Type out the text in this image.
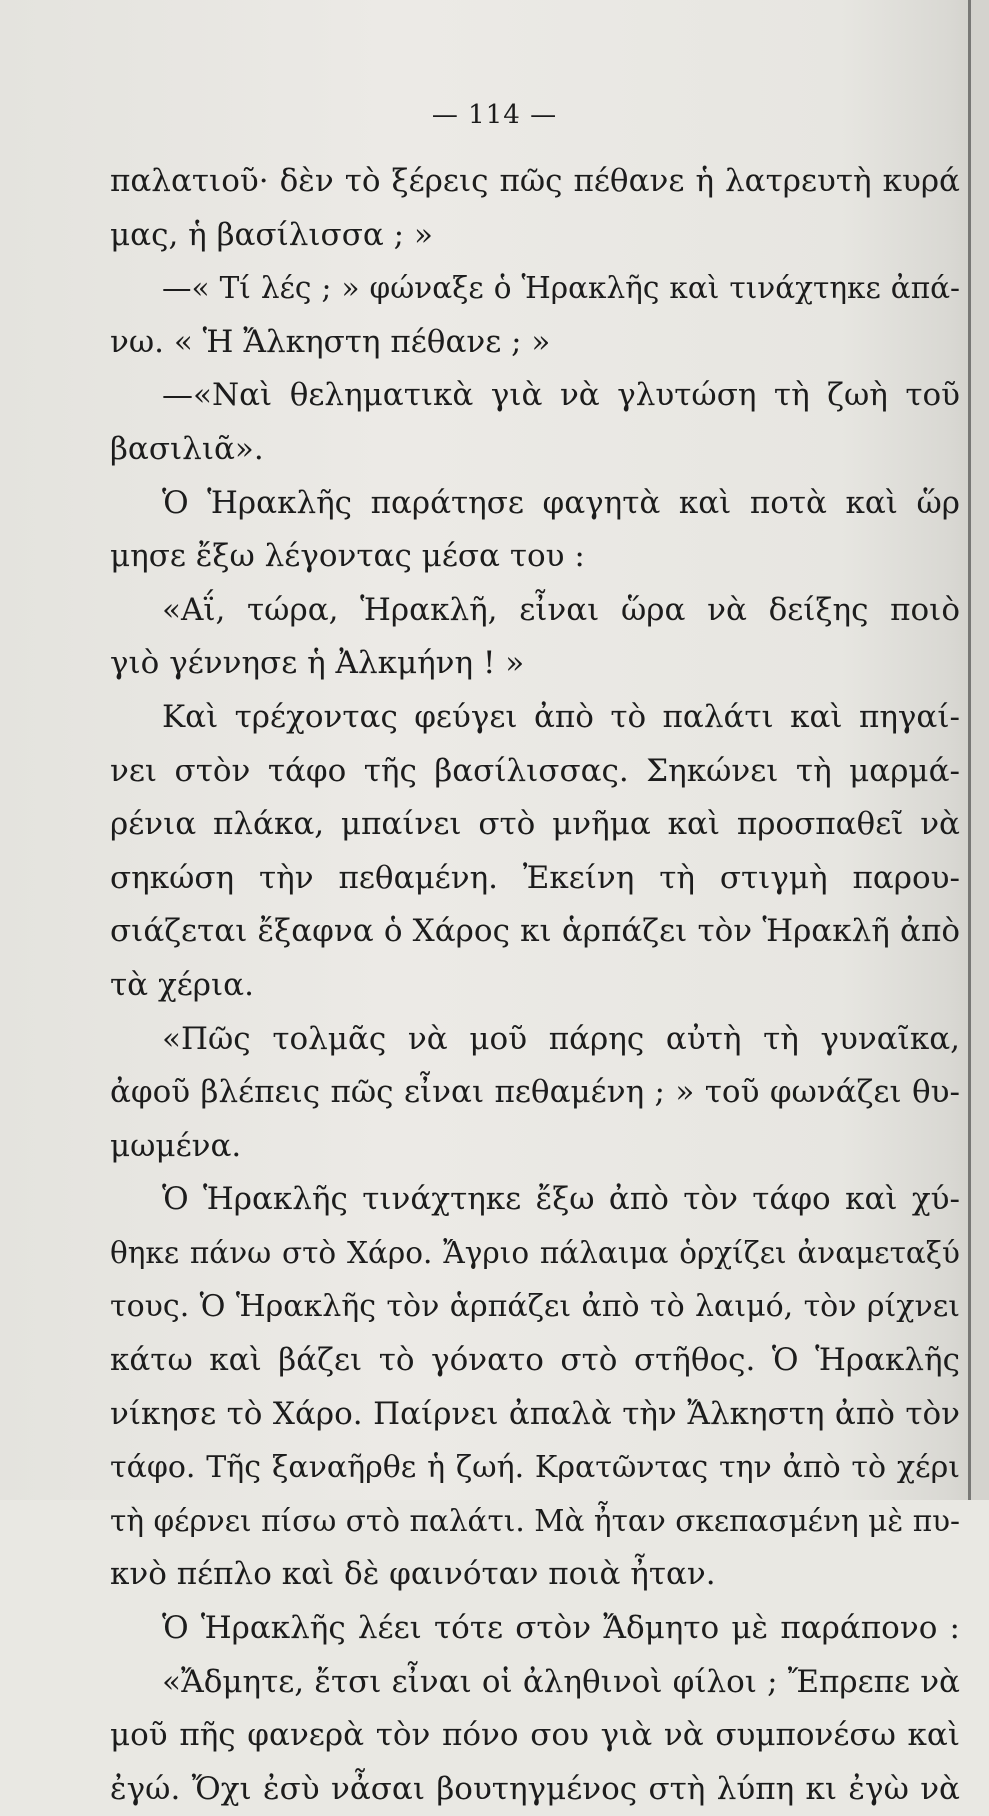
— 114 —
παλατιοῦ· δὲν τὸ ξέρεις πῶς πέθανε ἡ λατρευτὴ κυρά
μας, ἡ βασίλισσα ; »
—« Τί λές ; » φώναξε ὁ Ἡρακλῆς καὶ τινάχτηκε ἀπά-
νω. « Ἡ Ἄλκηστη πέθανε ; »
—«Ναὶ θεληματικὰ γιὰ νὰ γλυτώση τὴ ζωὴ τοῦ
βασιλιᾶ».
Ὁ Ἡρακλῆς παράτησε φαγητὰ καὶ ποτὰ καὶ ὥρ
μησε ἔξω λέγοντας μέσα του :
«Αΐ, τώρα, Ἡρακλῆ, εἶναι ὥρα νὰ δείξης ποιὸ
γιὸ γέννησε ἡ Ἀλκμήνη ! »
Καὶ τρέχοντας φεύγει ἀπὸ τὸ παλάτι καὶ πηγαί-
νει στὸν τάφο τῆς βασίλισσας. Σηκώνει τὴ μαρμά-
ρένια πλάκα, μπαίνει στὸ μνῆμα καὶ προσπαθεῖ νὰ
σηκώση τὴν πεθαμένη. Ἐκείνη τὴ στιγμὴ παρου-
σιάζεται ἔξαφνα ὁ Χάρος κι ἁρπάζει τὸν Ἡρακλῆ ἀπὸ
τὰ χέρια.
«Πῶς τολμᾶς νὰ μοῦ πάρης αὐτὴ τὴ γυναῖκα,
ἀφοῦ βλέπεις πῶς εἶναι πεθαμένη ; » τοῦ φωνάζει θυ-
μωμένα.
Ὁ Ἡρακλῆς τινάχτηκε ἔξω ἀπὸ τὸν τάφο καὶ χύ-
θηκε πάνω στὸ Χάρο. Ἄγριο πάλαιμα ὁρχίζει ἀναμεταξύ
τους. Ὁ Ἡρακλῆς τὸν ἁρπάζει ἀπὸ τὸ λαιμό, τὸν ρίχνει
κάτω καὶ βάζει τὸ γόνατο στὸ στῆθος. Ὁ Ἡρακλῆς
νίκησε τὸ Χάρο. Παίρνει ἀπαλὰ τὴν Ἄλκηστη ἀπὸ τὸν
τάφο. Τῆς ξαναῆρθε ἡ ζωή. Κρατῶντας την ἀπὸ τὸ χέρι
τὴ φέρνει πίσω στὸ παλάτι. Μὰ ἦταν σκεπασμένη μὲ πυ-
κνὸ πέπλο καὶ δὲ φαινόταν ποιὰ ἦταν.
Ὁ Ἡρακλῆς λέει τότε στὸν Ἄδμητο μὲ παράπονο :
«Ἄδμητε, ἔτσι εἶναι οἱ ἀληθινοὶ φίλοι ; Ἔπρεπε νὰ
μοῦ πῆς φανερὰ τὸν πόνο σου γιὰ νὰ συμπονέσω καὶ
ἐγώ. Ὄχι ἐσὺ νἆσαι βουτηγμένος στὴ λύπη κι ἐγὼ νὰ
